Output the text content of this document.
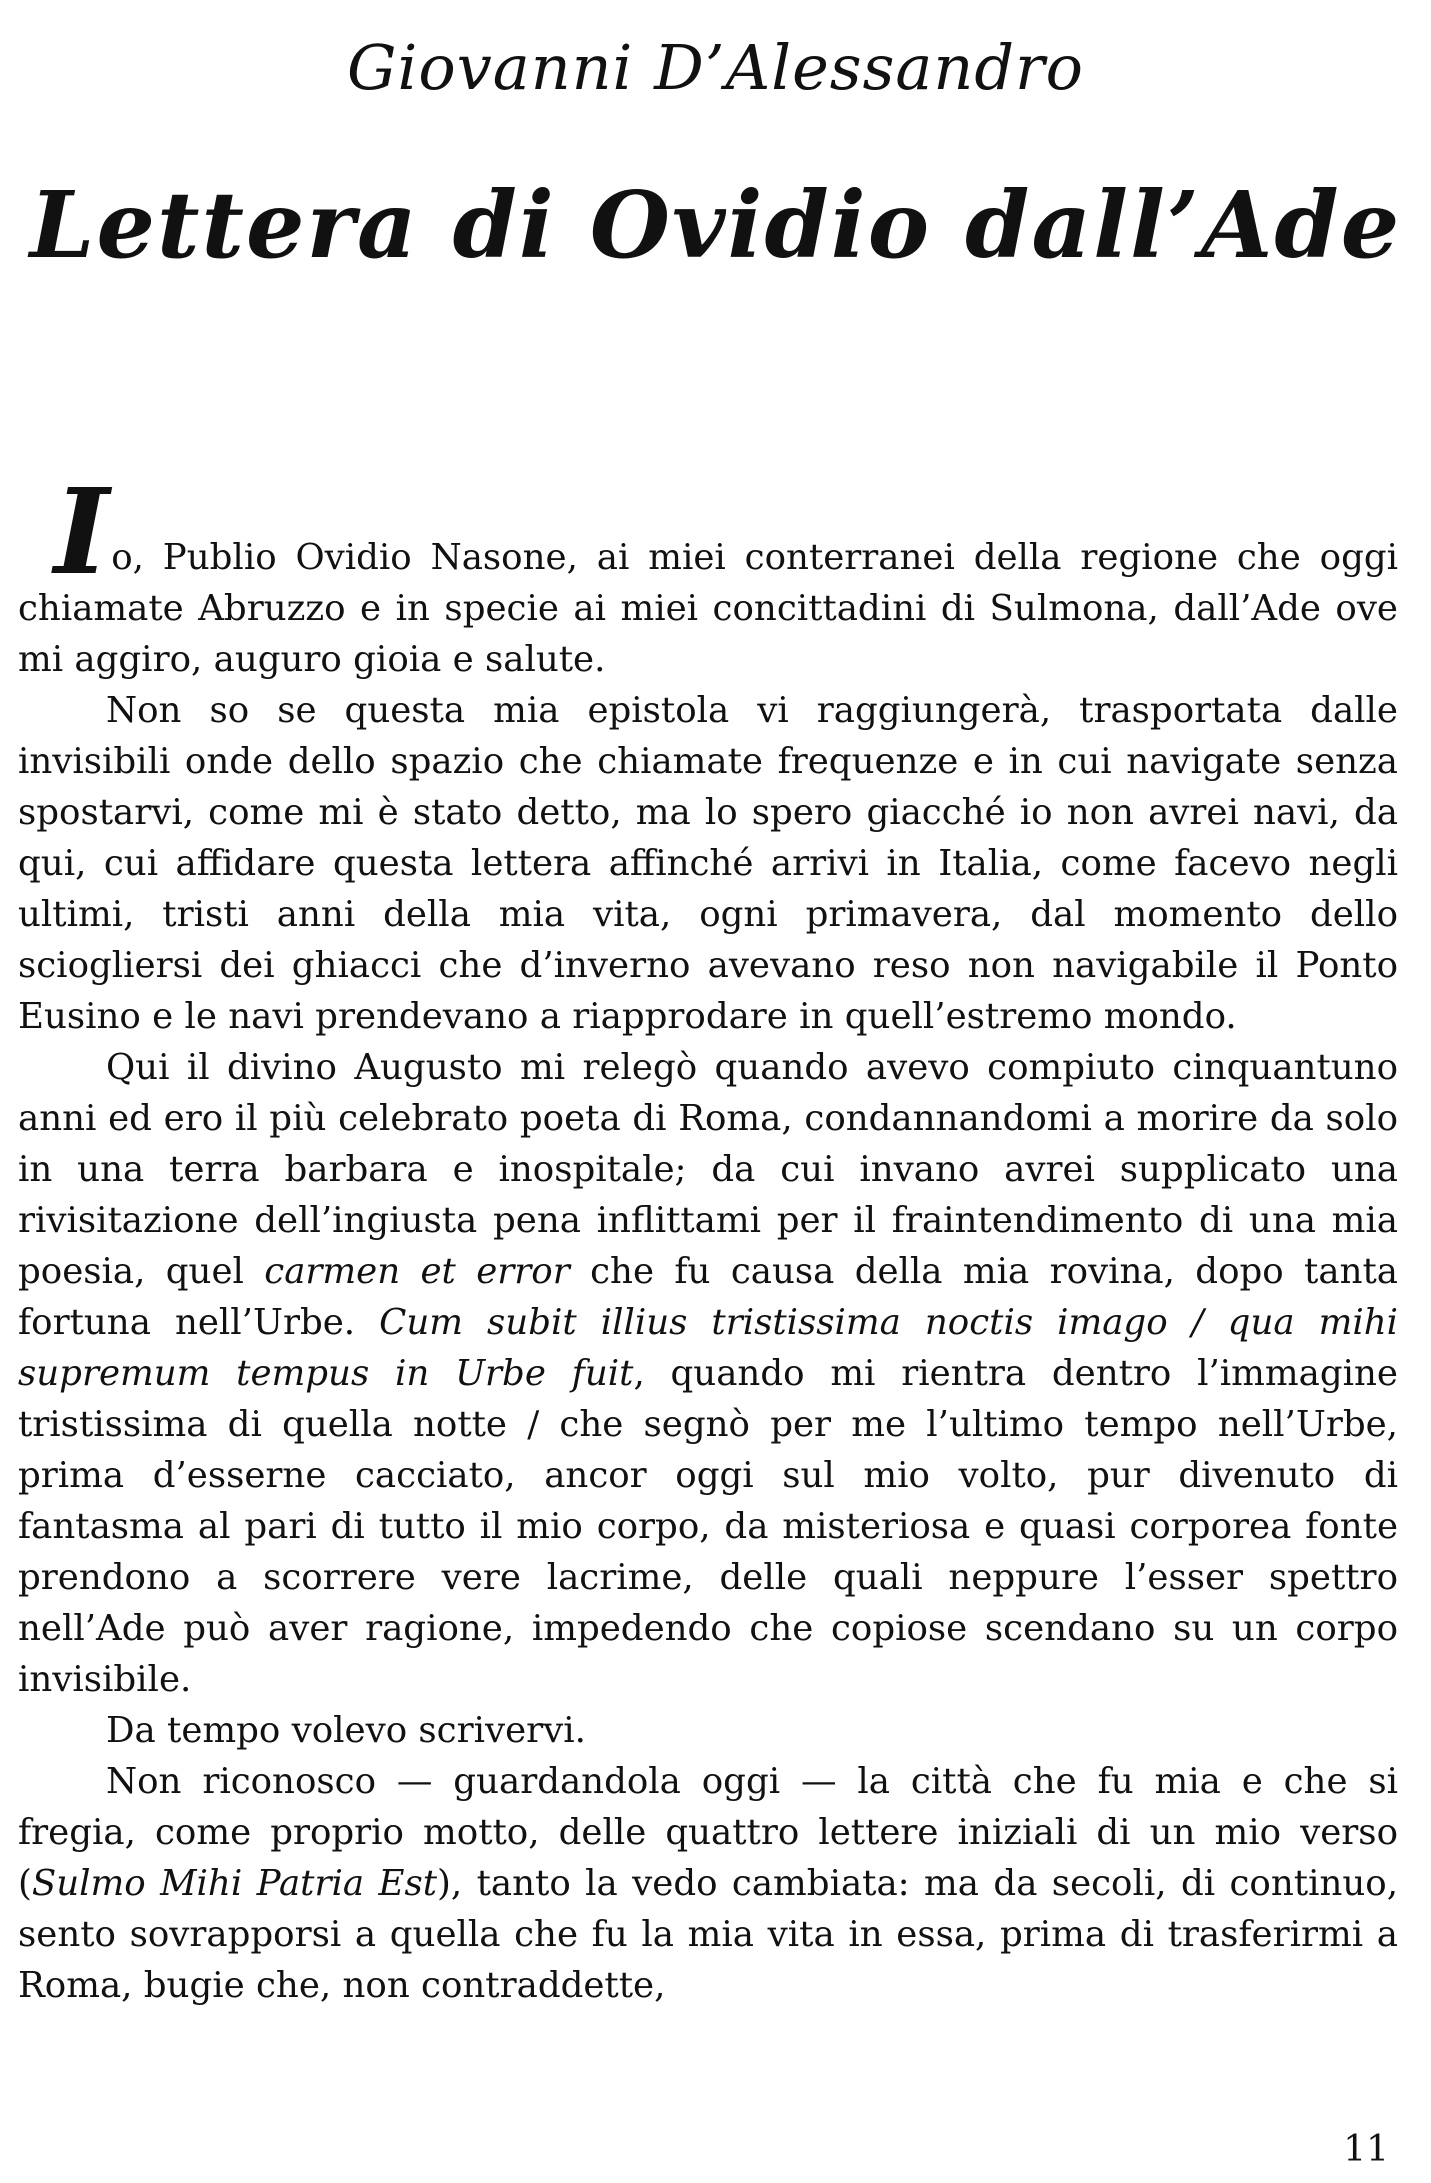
Giovanni D’Alessandro
Lettera di Ovidio dall’Ade

Io, Publio Ovidio Nasone, ai miei conterranei della regione che oggi chiamate Abruzzo e in specie ai miei concittadini di Sulmona, dall’Ade ove mi aggiro, auguro gioia e salute.

Non so se questa mia epistola vi raggiungerà, trasportata dalle invisibili onde dello spazio che chiamate frequenze e in cui navigate senza spostarvi, come mi è stato detto, ma lo spero giacché io non avrei navi, da qui, cui affidare questa lettera affinché arrivi in Italia, come facevo negli ultimi, tristi anni della mia vita, ogni primavera, dal momento dello sciogliersi dei ghiacci che d’inverno avevano reso non navigabile il Ponto Eusino e le navi prendevano a riapprodare in quell’estremo mondo.

Qui il divino Augusto mi relegò quando avevo compiuto cinquantuno anni ed ero il più celebrato poeta di Roma, condannandomi a morire da solo in una terra barbara e inospitale; da cui invano avrei supplicato una rivisitazione dell’ingiusta pena inflittami per il fraintendimento di una mia poesia, quel carmen et error che fu causa della mia rovina, dopo tanta fortuna nell’Urbe. Cum subit illius tristissima noctis imago / qua mihi supremum tempus in Urbe fuit, quando mi rientra dentro l’immagine tristissima di quella notte / che segnò per me l’ultimo tempo nell’Urbe, prima d’esserne cacciato, ancor oggi sul mio volto, pur divenuto di fantasma al pari di tutto il mio corpo, da misteriosa e quasi corporea fonte prendono a scorrere vere lacrime, delle quali neppure l’esser spettro nell’Ade può aver ragione, impedendo che copiose scendano su un corpo invisibile.

Da tempo volevo scrivervi.

Non riconosco — guardandola oggi — la città che fu mia e che si fregia, come proprio motto, delle quattro lettere iniziali di un mio verso (Sulmo Mihi Patria Est), tanto la vedo cambiata: ma da secoli, di continuo, sento sovrapporsi a quella che fu la mia vita in essa, prima di trasferirmi a Roma, bugie che, non contraddette,

11
